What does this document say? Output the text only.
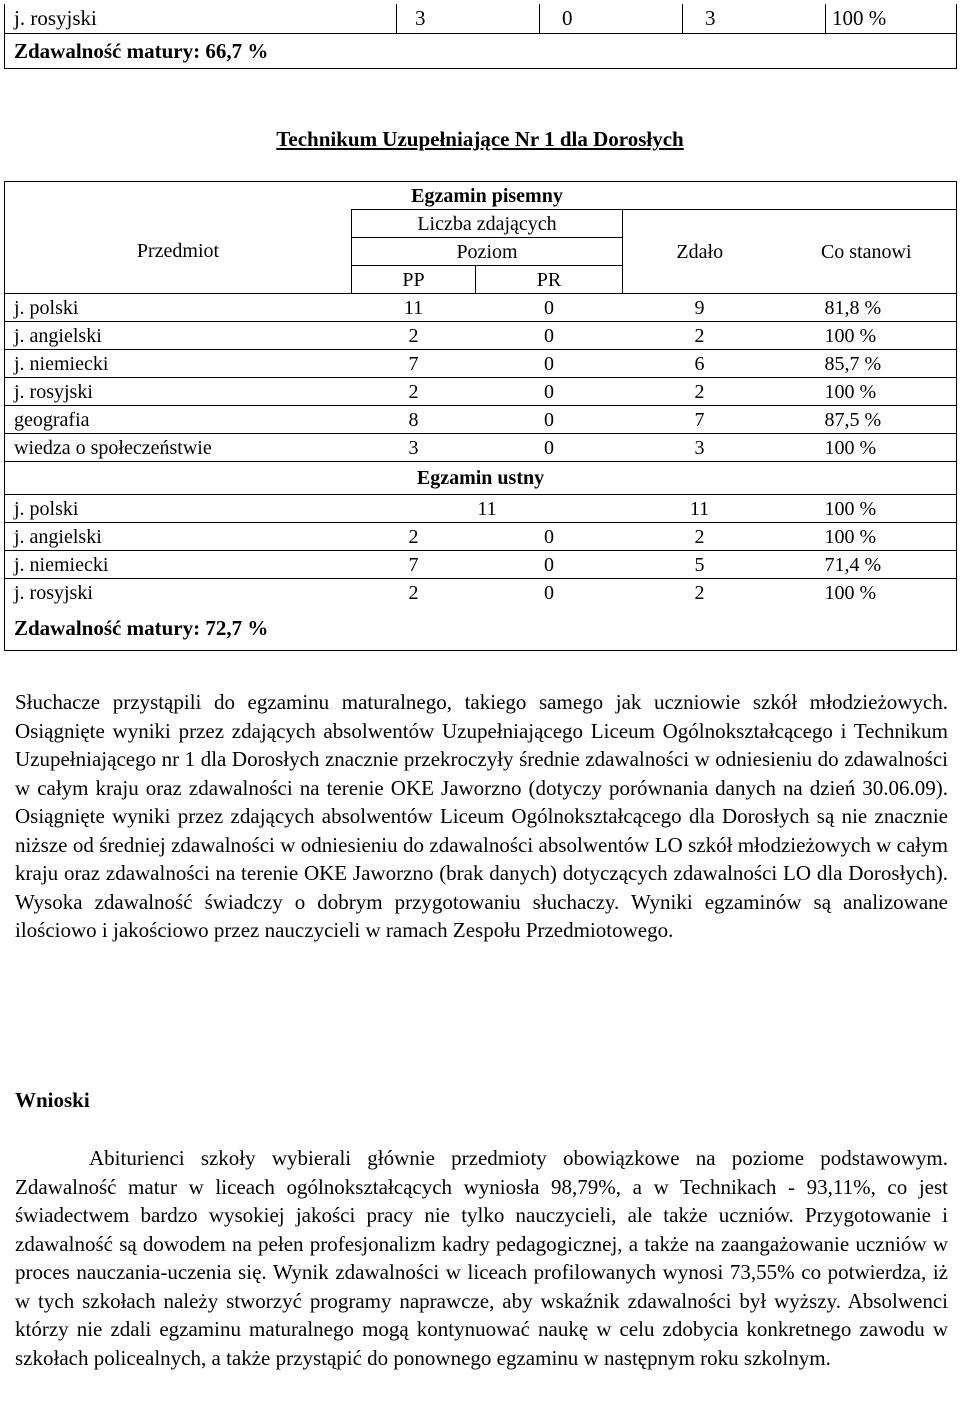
j. rosyjski	3	0	3	100 %
Zdawalność matury: 66,7 %
Technikum Uzupełniające Nr 1 dla Dorosłych
	Egzamin pisemny			
Przedmiot	Liczba zdających		Zdało	Co stanowi
	Poziom			
	PP	PR		
j. polski	11	0	9	81,8 %
j. angielski	2	0	2	100 %
j. niemiecki	7	0	6	85,7 %
j. rosyjski	2	0	2	100 %
geografia	8	0	7	87,5 %
wiedza o społeczeństwie	3	0	3	100 %
Egzamin ustny				
j. polski	11		11	100 %
j. angielski	2	0	2	100 %
j. niemiecki	7	0	5	71,4 %
j. rosyjski	2	0	2	100 %
Zdawalność matury: 72,7 %				

Słuchacze przystąpili do egzaminu maturalnego, takiego samego jak uczniowie szkół młodzieżowych. Osiągnięte wyniki przez zdających absolwentów Uzupełniającego Liceum Ogólnokształcącego i Technikum Uzupełniającego nr 1 dla Dorosłych znacznie przekroczyły średnie zdawalności w odniesieniu do zdawalności w całym kraju oraz zdawalności na terenie OKE Jaworzno (dotyczy porównania danych na dzień 30.06.09). Osiągnięte wyniki przez zdających absolwentów Liceum Ogólnokształcącego dla Dorosłych są nie znacznie niższe od średniej zdawalności w odniesieniu do zdawalności absolwentów LO szkół młodzieżowych w całym kraju oraz zdawalności na terenie OKE Jaworzno (brak danych) dotyczących zdawalności LO dla Dorosłych). Wysoka zdawalność świadczy o dobrym przygotowaniu słuchaczy. Wyniki egzaminów są analizowane ilościowo i jakościowo przez nauczycieli w ramach Zespołu Przedmiotowego.

Wnioski

Abiturienci szkoły wybierali głównie przedmioty obowiązkowe na poziome podstawowym. Zdawalność matur w liceach ogólnokształcących wyniosła 98,79%, a w Technikach - 93,11%, co jest świadectwem bardzo wysokiej jakości pracy nie tylko nauczycieli, ale także uczniów. Przygotowanie i zdawalność są dowodem na pełen profesjonalizm kadry pedagogicznej, a także na zaangażowanie uczniów w proces nauczania-uczenia się. Wynik zdawalności w liceach profilowanych wynosi 73,55% co potwierdza, iż w tych szkołach należy stworzyć programy naprawcze, aby wskaźnik zdawalności był wyższy. Absolwenci którzy nie zdali egzaminu maturalnego mogą kontynuować naukę w celu zdobycia konkretnego zawodu w szkołach policealnych, a także przystąpić do ponownego egzaminu w następnym roku szkolnym.
